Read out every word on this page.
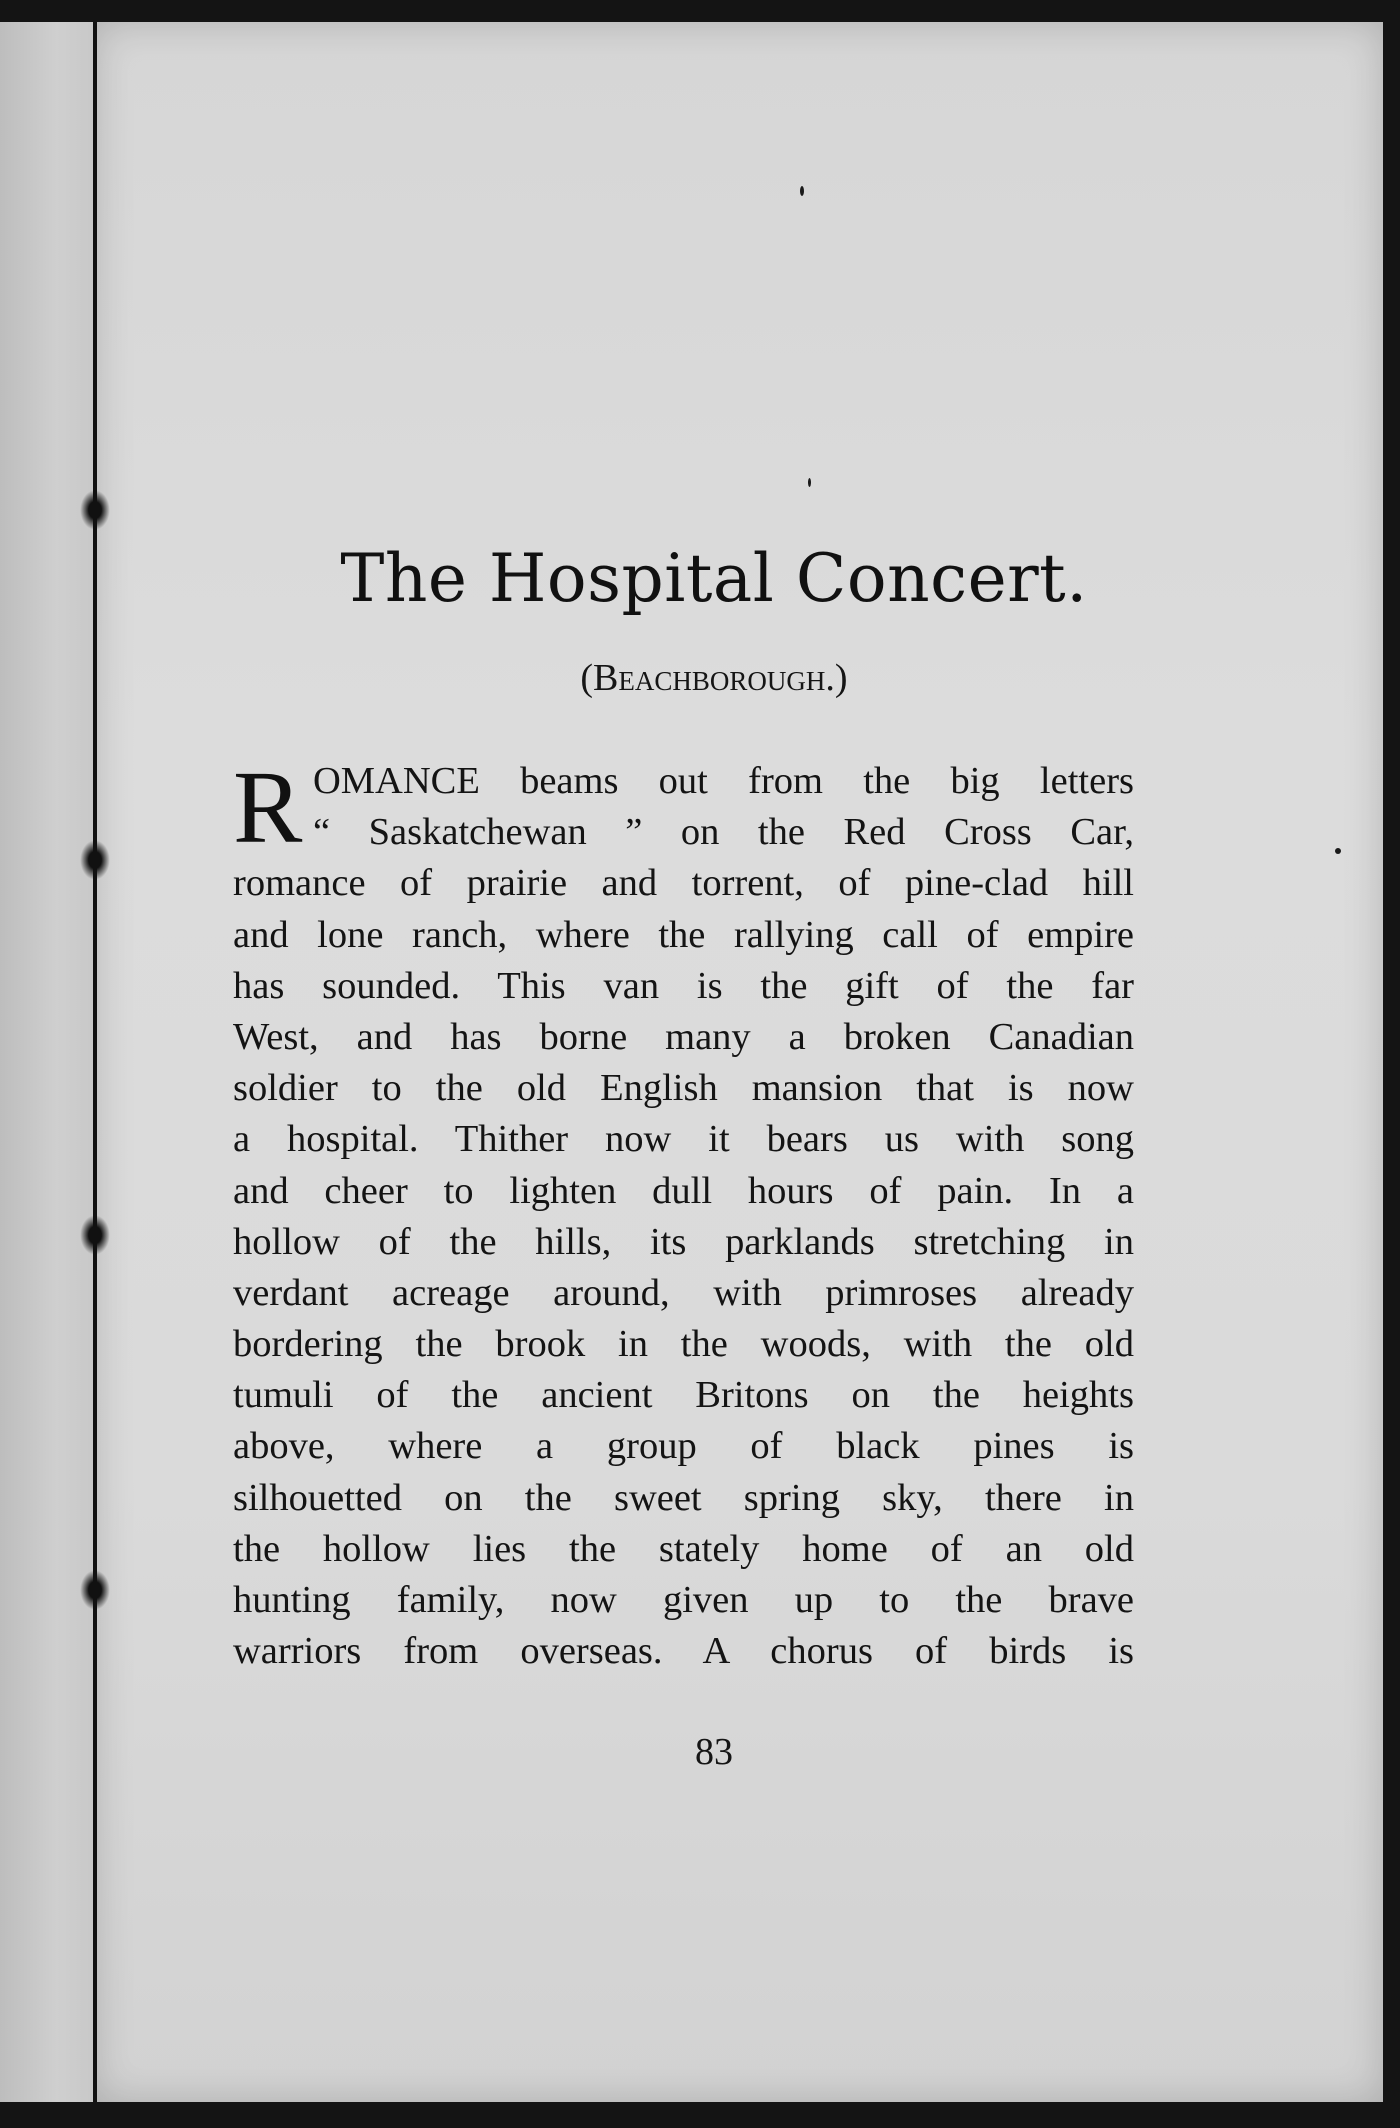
The Hospital Concert.

(Beachborough.)

R OMANCE beams out from the big letters
“ Saskatchewan ” on the Red Cross Car,
romance of prairie and torrent, of pine-clad hill
and lone ranch, where the rallying call of empire
has sounded. This van is the gift of the far
West, and has borne many a broken Canadian
soldier to the old English mansion that is now
a hospital. Thither now it bears us with song
and cheer to lighten dull hours of pain. In a
hollow of the hills, its parklands stretching in
verdant acreage around, with primroses already
bordering the brook in the woods, with the old
tumuli of the ancient Britons on the heights
above, where a group of black pines is
silhouetted on the sweet spring sky, there in
the hollow lies the stately home of an old
hunting family, now given up to the brave
warriors from overseas. A chorus of birds is

83
